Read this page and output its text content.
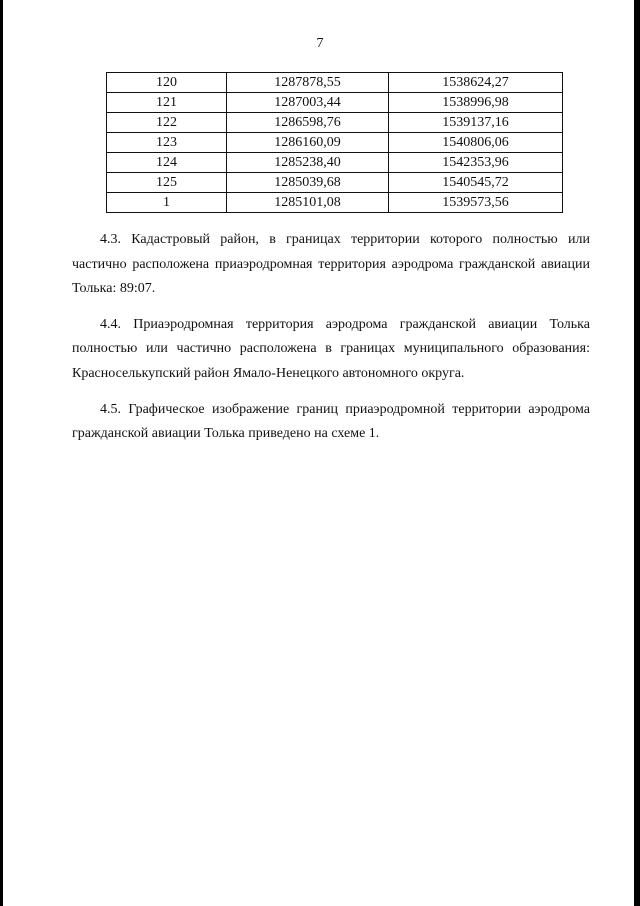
7
120	1287878,55	1538624,27
121	1287003,44	1538996,98
122	1286598,76	1539137,16
123	1286160,09	1540806,06
124	1285238,40	1542353,96
125	1285039,68	1540545,72
1	1285101,08	1539573,56

4.3. Кадастровый район, в границах территории которого полностью или частично расположена приаэродромная территория аэродрома гражданской авиации Толька: 89:07.

4.4. Приаэродромная территория аэродрома гражданской авиации Толька полностью или частично расположена в границах муниципального образования: Красноселькупский район Ямало-Ненецкого автономного округа.

4.5. Графическое изображение границ приаэродромной территории аэродрома гражданской авиации Толька приведено на схеме 1.
